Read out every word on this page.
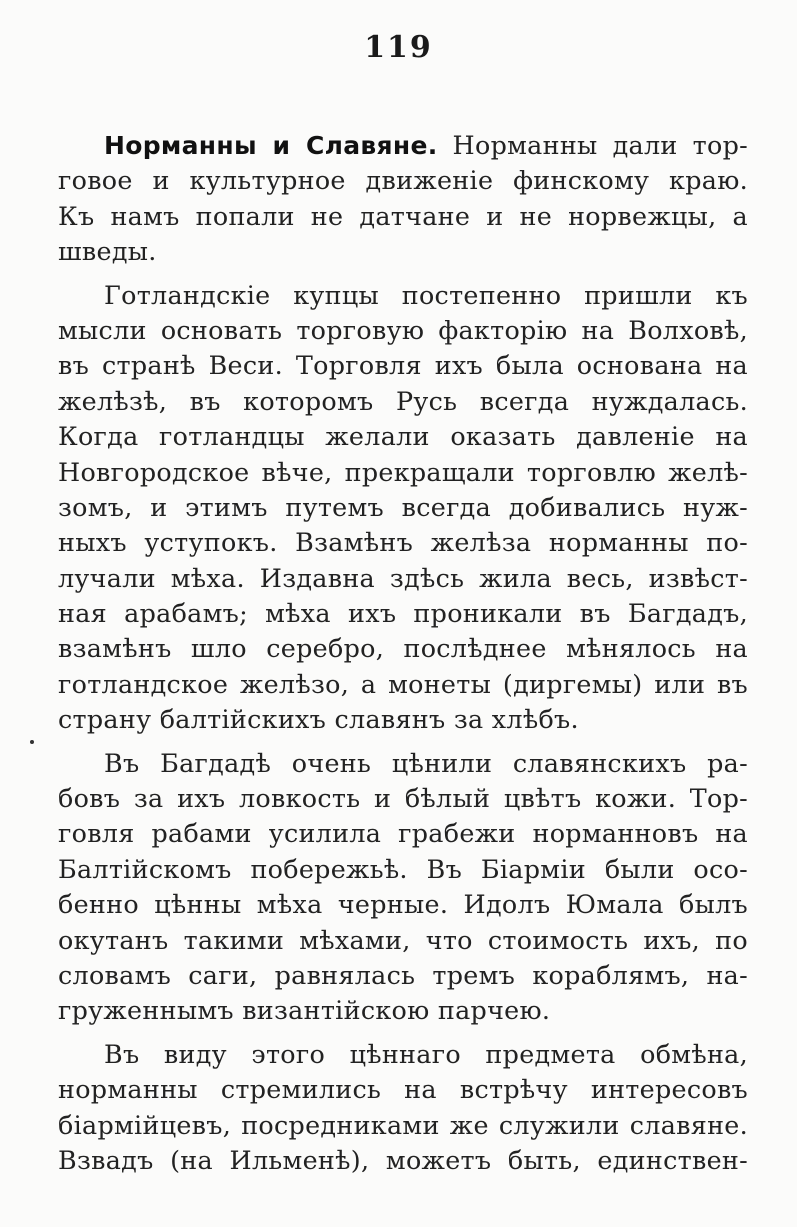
119
Норманны и Славяне. Норманны дали тор-
говое и культурное движеніе финскому краю.
Къ намъ попали не датчане и не норвежцы, а
шведы.
Готландскіе купцы постепенно пришли къ
мысли основать торговую факторію на Волховѣ,
въ странѣ Веси. Торговля ихъ была основана на
желѣзѣ, въ которомъ Русь всегда нуждалась.
Когда готландцы желали оказать давленіе на
Новгородское вѣче, прекращали торговлю желѣ-
зомъ, и этимъ путемъ всегда добивались нуж-
ныхъ уступокъ. Взамѣнъ желѣза норманны по-
лучали мѣха. Издавна здѣсь жила весь, извѣст-
ная арабамъ; мѣха ихъ проникали въ Багдадъ,
взамѣнъ шло серебро, послѣднее мѣнялось на
готландское желѣзо, а монеты (диргемы) или въ
страну балтійскихъ славянъ за хлѣбъ.
Въ Багдадѣ очень цѣнили славянскихъ ра-
бовъ за ихъ ловкость и бѣлый цвѣтъ кожи. Тор-
говля рабами усилила грабежи норманновъ на
Балтійскомъ побережьѣ. Въ Біарміи были осо-
бенно цѣнны мѣха черные. Идолъ Юмала былъ
окутанъ такими мѣхами, что стоимость ихъ, по
словамъ саги, равнялась тремъ кораблямъ, на-
груженнымъ византійскою парчею.
Въ виду этого цѣннаго предмета обмѣна,
норманны стремились на встрѣчу интересовъ
біармійцевъ, посредниками же служили славяне.
Взвадъ (на Ильменѣ), можетъ быть, единствен-
